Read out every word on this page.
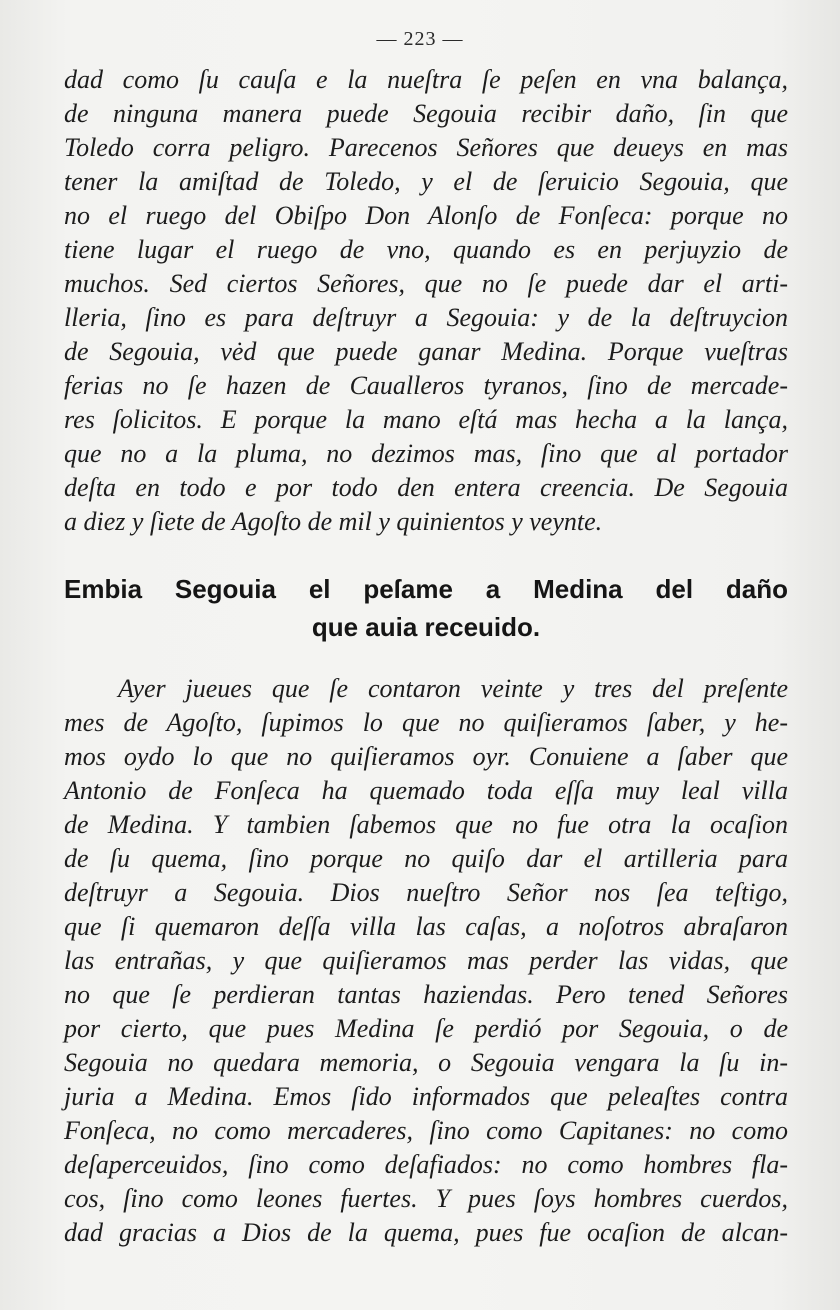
— 223 —
dad como ſu cauſa e la nueſtra ſe peſen en vna balança,
de ninguna manera puede Segouia recibir daño, ſin que
Toledo corra peligro. Parecenos Señores que deueys en mas
tener la amiſtad de Toledo, y el de ſeruicio Segouia, que
no el ruego del Obiſpo Don Alonſo de Fonſeca: porque no
tiene lugar el ruego de vno, quando es en perjuyzio de
muchos. Sed ciertos Señores, que no ſe puede dar el arti-
lleria, ſino es para deſtruyr a Segouia: y de la deſtruycion
de Segouia, vėd que puede ganar Medina. Porque vueſtras
ferias no ſe hazen de Caualleros tyranos, ſino de mercade-
res ſolicitos. E porque la mano eſtá mas hecha a la lança,
que no a la pluma, no dezimos mas, ſino que al portador
deſta en todo e por todo den entera creencia. De Segouia
a diez y ſiete de Agoſto de mil y quinientos y veynte.
Embia Segouia el peſame a Medina del daño
que auia receuido.
Ayer jueues que ſe contaron veinte y tres del preſente
mes de Agoſto, ſupimos lo que no quiſieramos ſaber, y he-
mos oydo lo que no quiſieramos oyr. Conuiene a ſaber que
Antonio de Fonſeca ha quemado toda eſſa muy leal villa
de Medina. Y tambien ſabemos que no fue otra la ocaſion
de ſu quema, ſino porque no quiſo dar el artilleria para
deſtruyr a Segouia. Dios nueſtro Señor nos ſea teſtigo,
que ſi quemaron deſſa villa las caſas, a noſotros abraſaron
las entrañas, y que quiſieramos mas perder las vidas, que
no que ſe perdieran tantas haziendas. Pero tened Señores
por cierto, que pues Medina ſe perdió por Segouia, o de
Segouia no quedara memoria, o Segouia vengara la ſu in-
juria a Medina. Emos ſido informados que peleaſtes contra
Fonſeca, no como mercaderes, ſino como Capitanes: no como
deſaperceuidos, ſino como deſafiados: no como hombres fla-
cos, ſino como leones fuertes. Y pues ſoys hombres cuerdos,
dad gracias a Dios de la quema, pues fue ocaſion de alcan-
